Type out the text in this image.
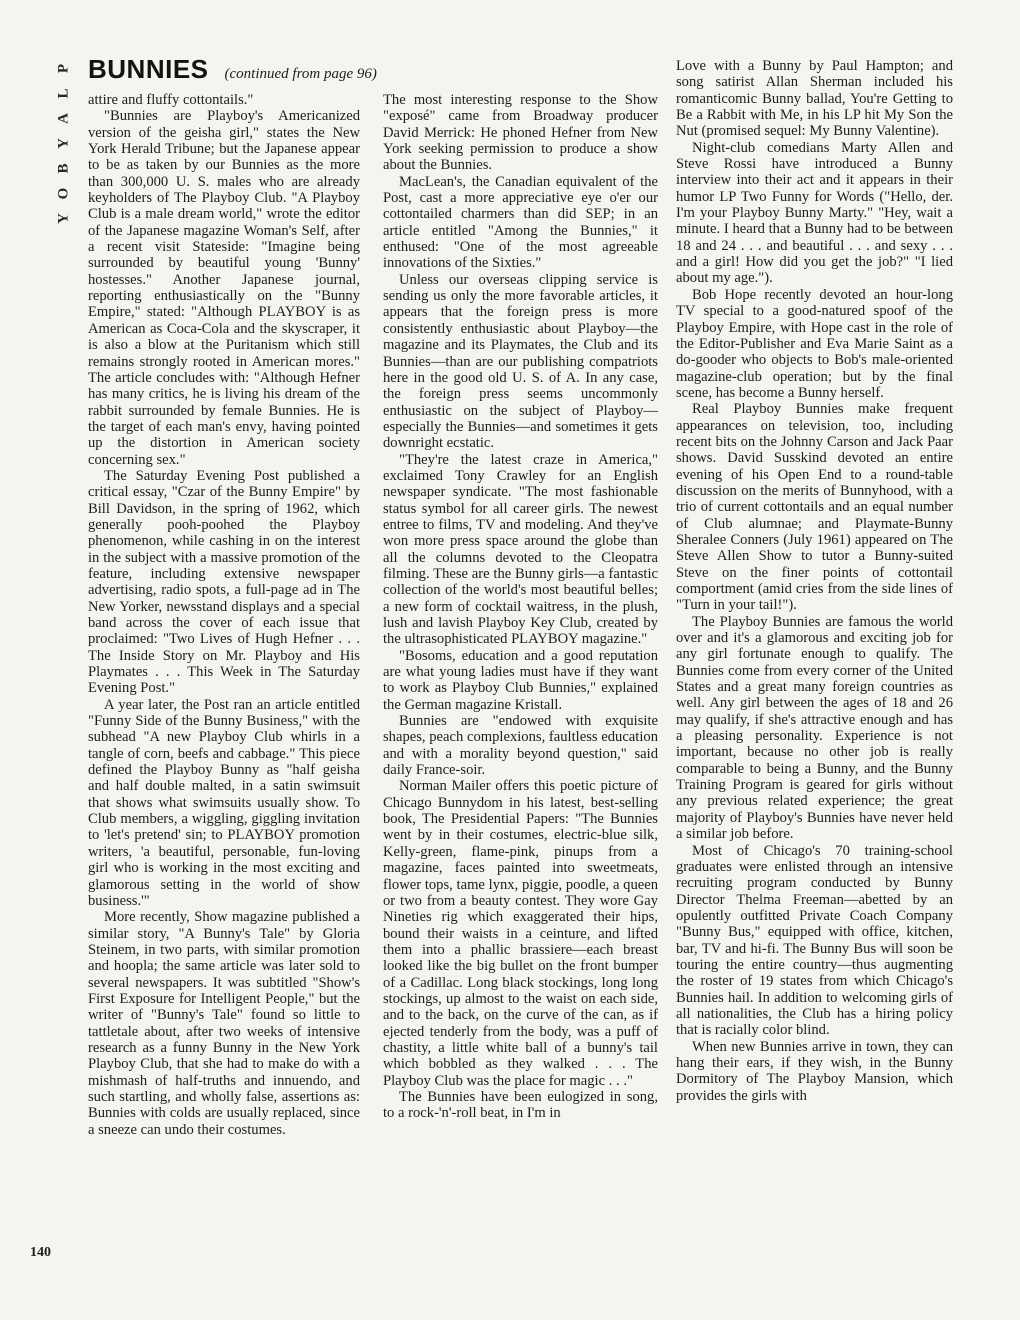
P
L
A
Y
B
O
Y
BUNNIES (continued from page 96)

attire and fluffy cottontails."

"Bunnies are Playboy's Americanized version of the geisha girl," states the New York Herald Tribune; but the Japanese appear to be as taken by our Bunnies as the more than 300,000 U. S. males who are already keyholders of The Playboy Club. "A Playboy Club is a male dream world," wrote the editor of the Japanese magazine Woman's Self, after a recent visit Stateside: "Imagine being surrounded by beautiful young 'Bunny' hostesses." Another Japanese journal, reporting enthusiastically on the "Bunny Empire," stated: "Although PLAYBOY is as American as Coca-Cola and the skyscraper, it is also a blow at the Puritanism which still remains strongly rooted in American mores." The article concludes with: "Although Hefner has many critics, he is living his dream of the rabbit surrounded by female Bunnies. He is the target of each man's envy, having pointed up the distortion in American society concerning sex."

The Saturday Evening Post published a critical essay, "Czar of the Bunny Empire" by Bill Davidson, in the spring of 1962, which generally pooh-poohed the Playboy phenomenon, while cashing in on the interest in the subject with a massive promotion of the feature, including extensive newspaper advertising, radio spots, a full-page ad in The New Yorker, newsstand displays and a special band across the cover of each issue that proclaimed: "Two Lives of Hugh Hefner . . . The Inside Story on Mr. Playboy and His Playmates . . . This Week in The Saturday Evening Post."

A year later, the Post ran an article entitled "Funny Side of the Bunny Business," with the subhead "A new Playboy Club whirls in a tangle of corn, beefs and cabbage." This piece defined the Playboy Bunny as "half geisha and half double malted, in a satin swimsuit that shows what swimsuits usually show. To Club members, a wiggling, giggling invitation to 'let's pretend' sin; to PLAYBOY promotion writers, 'a beautiful, personable, fun-loving girl who is working in the most exciting and glamorous setting in the world of show business.'"

More recently, Show magazine published a similar story, "A Bunny's Tale" by Gloria Steinem, in two parts, with similar promotion and hoopla; the same article was later sold to several newspapers. It was subtitled "Show's First Exposure for Intelligent People," but the writer of "Bunny's Tale" found so little to tattletale about, after two weeks of intensive research as a funny Bunny in the New York Playboy Club, that she had to make do with a mishmash of half-truths and innuendo, and such startling, and wholly false, assertions as: Bunnies with colds are usually replaced, since a sneeze can undo their costumes.

The most interesting response to the Show "exposé" came from Broadway producer David Merrick: He phoned Hefner from New York seeking permission to produce a show about the Bunnies.

MacLean's, the Canadian equivalent of the Post, cast a more appreciative eye o'er our cottontailed charmers than did SEP; in an article entitled "Among the Bunnies," it enthused: "One of the most agreeable innovations of the Sixties."

Unless our overseas clipping service is sending us only the more favorable articles, it appears that the foreign press is more consistently enthusiastic about Playboy—the magazine and its Playmates, the Club and its Bunnies—than are our publishing compatriots here in the good old U. S. of A. In any case, the foreign press seems uncommonly enthusiastic on the subject of Playboy—especially the Bunnies—and sometimes it gets downright ecstatic.

"They're the latest craze in America," exclaimed Tony Crawley for an English newspaper syndicate. "The most fashionable status symbol for all career girls. The newest entree to films, TV and modeling. And they've won more press space around the globe than all the columns devoted to the Cleopatra filming. These are the Bunny girls—a fantastic collection of the world's most beautiful belles; a new form of cocktail waitress, in the plush, lush and lavish Playboy Key Club, created by the ultrasophisticated PLAYBOY magazine."

"Bosoms, education and a good reputation are what young ladies must have if they want to work as Playboy Club Bunnies," explained the German magazine Kristall.

Bunnies are "endowed with exquisite shapes, peach complexions, faultless education and with a morality beyond question," said daily France-soir.

Norman Mailer offers this poetic picture of Chicago Bunnydom in his latest, best-selling book, The Presidential Papers: "The Bunnies went by in their costumes, electric-blue silk, Kelly-green, flame-pink, pinups from a magazine, faces painted into sweetmeats, flower tops, tame lynx, piggie, poodle, a queen or two from a beauty contest. They wore Gay Nineties rig which exaggerated their hips, bound their waists in a ceinture, and lifted them into a phallic brassiere—each breast looked like the big bullet on the front bumper of a Cadillac. Long black stockings, long long stockings, up almost to the waist on each side, and to the back, on the curve of the can, as if ejected tenderly from the body, was a puff of chastity, a little white ball of a bunny's tail which bobbled as they walked . . . The Playboy Club was the place for magic . . ."

The Bunnies have been eulogized in song, to a rock-'n'-roll beat, in I'm in

Love with a Bunny by Paul Hampton; and song satirist Allan Sherman included his romanticomic Bunny ballad, You're Getting to Be a Rabbit with Me, in his LP hit My Son the Nut (promised sequel: My Bunny Valentine).

Night-club comedians Marty Allen and Steve Rossi have introduced a Bunny interview into their act and it appears in their humor LP Two Funny for Words ("Hello, der. I'm your Playboy Bunny Marty." "Hey, wait a minute. I heard that a Bunny had to be between 18 and 24 . . . and beautiful . . . and sexy . . . and a girl! How did you get the job?" "I lied about my age.").

Bob Hope recently devoted an hour-long TV special to a good-natured spoof of the Playboy Empire, with Hope cast in the role of the Editor-Publisher and Eva Marie Saint as a do-gooder who objects to Bob's male-oriented magazine-club operation; but by the final scene, has become a Bunny herself.

Real Playboy Bunnies make frequent appearances on television, too, including recent bits on the Johnny Carson and Jack Paar shows. David Susskind devoted an entire evening of his Open End to a round-table discussion on the merits of Bunnyhood, with a trio of current cottontails and an equal number of Club alumnae; and Playmate-Bunny Sheralee Conners (July 1961) appeared on The Steve Allen Show to tutor a Bunny-suited Steve on the finer points of cottontail comportment (amid cries from the side lines of "Turn in your tail!").

The Playboy Bunnies are famous the world over and it's a glamorous and exciting job for any girl fortunate enough to qualify. The Bunnies come from every corner of the United States and a great many foreign countries as well. Any girl between the ages of 18 and 26 may qualify, if she's attractive enough and has a pleasing personality. Experience is not important, because no other job is really comparable to being a Bunny, and the Bunny Training Program is geared for girls without any previous related experience; the great majority of Playboy's Bunnies have never held a similar job before.

Most of Chicago's 70 training-school graduates were enlisted through an intensive recruiting program conducted by Bunny Director Thelma Freeman—abetted by an opulently outfitted Private Coach Company "Bunny Bus," equipped with office, kitchen, bar, TV and hi-fi. The Bunny Bus will soon be touring the entire country—thus augmenting the roster of 19 states from which Chicago's Bunnies hail. In addition to welcoming girls of all nationalities, the Club has a hiring policy that is racially color blind.

When new Bunnies arrive in town, they can hang their ears, if they wish, in the Bunny Dormitory of The Playboy Mansion, which provides the girls with

140
